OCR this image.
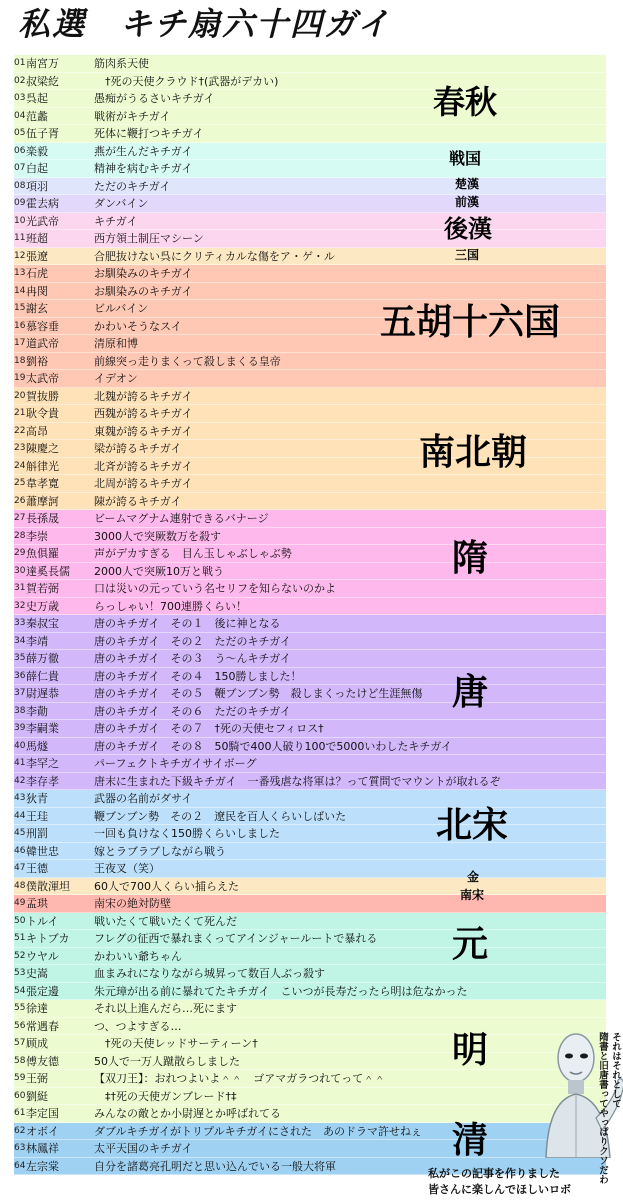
私選　キチ扇六十四ガイ
01 南宮万	筋肉系天使
02 叔梁紇	　†死の天使クラウド†(武器がデカい)
03 呉起	愚痴がうるさいキチガイ
04 范蠡	戦術がキチガイ
05 伍子胥	死体に鞭打つキチガイ
06 楽毅	燕が生んだキチガイ
07 白起	精神を病むキチガイ
08 項羽	ただのキチガイ
09 霍去病	ダンバイン
10 光武帝	キチガイ
11 班超	西方領土制圧マシーン
12 張遼	合肥抜けない呉にクリティカルな傷をア・ゲ・ル
13 石虎	お馴染みのキチガイ
14 冉閔	お馴染みのキチガイ
15 謝玄	ビルバイン
16 慕容垂	かわいそうなスイ
17 道武帝	清原和博
18 劉裕	前線突っ走りまくって殺しまくる皇帝
19 太武帝	イデオン
20 賀抜勝	北魏が誇るキチガイ
21 耿令貴	西魏が誇るキチガイ
22 高昂	東魏が誇るキチガイ
23 陳慶之	梁が誇るキチガイ
24 斛律光	北斉が誇るキチガイ
25 韋孝寛	北周が誇るキチガイ
26 蕭摩訶	陳が誇るキチガイ
27 長孫晟	ビームマグナム連射できるバナージ
28 李崇	3000人で突厥数万を殺す
29 魚俱羅	声がデカすぎる　目ん玉しゃぶしゃぶ勢
30 達奚長儒	2000人で突厥10万と戦う
31 賀若弼	口は災いの元っていう名セリフを知らないのかよ
32 史万歳	らっしゃい！700連勝くらい！
33 秦叔宝	唐のキチガイ　その１　後に神となる
34 李靖	唐のキチガイ　その２　ただのキチガイ
35 薛万徹	唐のキチガイ　その３　う～んキチガイ
36 薛仁貴	唐のキチガイ　その４　150勝しました！
37 尉遅恭	唐のキチガイ　その５　鞭ブンブン勢　殺しまくったけど生涯無傷
38 李勣	唐のキチガイ　その６　ただのキチガイ
39 李嗣業	唐のキチガイ　その７　†死の天使セフィロス†
40 馬燧	唐のキチガイ　その８　50騎で400人破り100で5000いわしたキチガイ
41 李罕之	パーフェクトキチガイサイボーグ
42 李存孝	唐末に生まれた下級キチガイ　一番残虐な将軍は？って質問でマウントが取れるぞ
43 狄青	武器の名前がダサイ
44 王珪	鞭ブンブン勢　その２　遼民を百人くらいしばいた
45 刑罰	一回も負けなく150勝くらいしました
46 韓世忠	嫁とラブラブしながら戦う
47 王德	王夜叉（笑）
48 僕散渾坦	60人で700人くらい捕らえた
49 孟珙	南宋の絶対防壁
50 トルイ	戦いたくて戦いたくて死んだ
51 キトブカ	フレグの征西で暴れまくってアインジャールートで暴れる
52 ウヤル	かわいい爺ちゃん
53 史嵩	血まみれになりながら城昇って数百人ぶっ殺す
54 張定邊	朱元璋が出る前に暴れてたキチガイ　こいつが長寿だったら明は危なかった
55 徐達	それ以上進んだら…死にます
56 常遇春	つ、つよすぎる…
57 顾成	　†死の天使レッドサーティーン†
58 傅友德	50人で一万人蹴散らしました
59 王弼	【双刀王】：おれつよいよ＾＾　ゴアマガラつれてって＾＾
60 劉綎	　‡†死の天使ガンブレード†‡
61 李定国	みんなの敵とか小尉遅とか呼ばれてる
62 オボイ	ダブルキチガイがトリプルキチガイにされた　あのドラマ許せねぇ
63 林鳳祥	太平天国のキチガイ
64 左宗棠	自分を諸葛亮孔明だと思い込んでいる一般大将軍
春秋
戦国
楚漢
前漢
後漢
三国
五胡十六国
南北朝
隋
唐
北宋
金
南宋
元
明
清
それはそれとして
隋書と旧唐書ってやっぱりクソだわ
私がこの記事を作りました
皆さんに楽しんでほしいロボ
